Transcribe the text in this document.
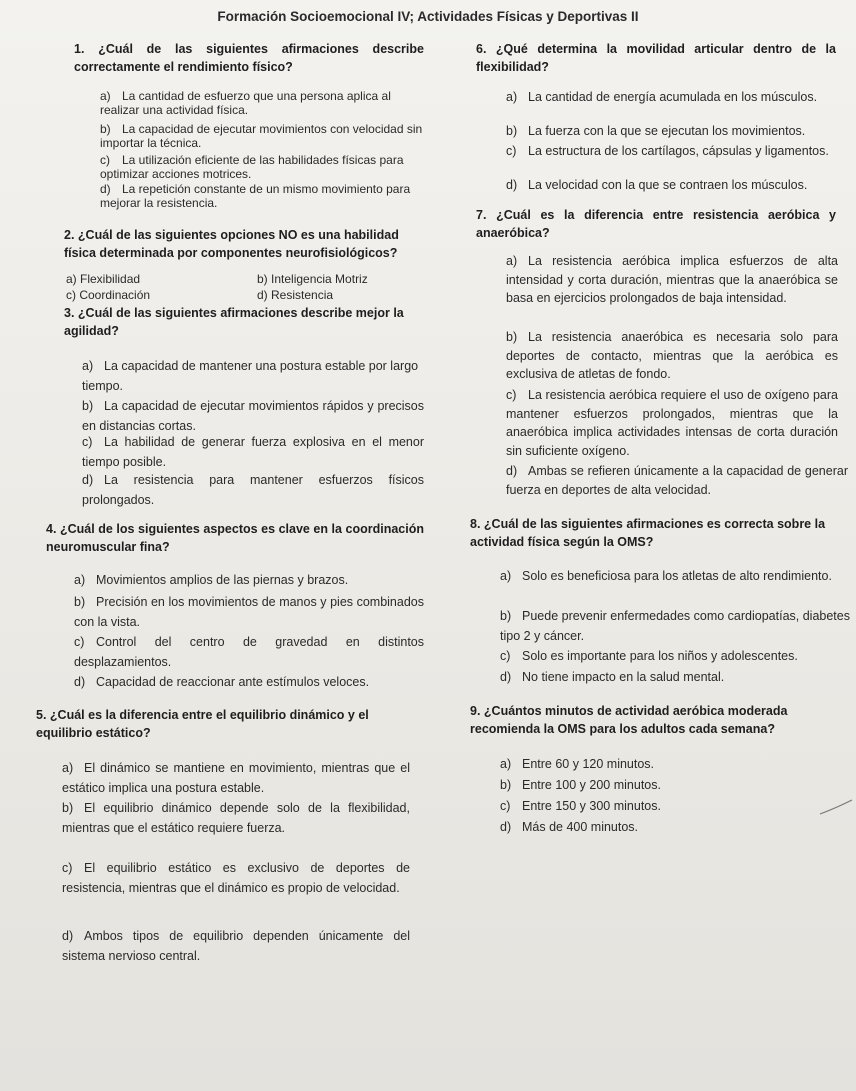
Formación Socioemocional IV; Actividades Físicas y Deportivas II
1. ¿Cuál de las siguientes afirmaciones describe correctamente el rendimiento físico?
a) La cantidad de esfuerzo que una persona aplica al realizar una actividad física.
b) La capacidad de ejecutar movimientos con velocidad sin importar la técnica.
c) La utilización eficiente de las habilidades físicas para optimizar acciones motrices.
d) La repetición constante de un mismo movimiento para mejorar la resistencia.
2. ¿Cuál de las siguientes opciones NO es una habilidad física determinada por componentes neurofisiológicos?
a) Flexibilidad	b) Inteligencia Motriz
c) Coordinación	d) Resistencia
3. ¿Cuál de las siguientes afirmaciones describe mejor la agilidad?
a) La capacidad de mantener una postura estable por largo tiempo.
b) La capacidad de ejecutar movimientos rápidos y precisos en distancias cortas.
c) La habilidad de generar fuerza explosiva en el menor tiempo posible.
d) La resistencia para mantener esfuerzos físicos prolongados.
4. ¿Cuál de los siguientes aspectos es clave en la coordinación neuromuscular fina?
a) Movimientos amplios de las piernas y brazos.
b) Precisión en los movimientos de manos y pies combinados con la vista.
c) Control del centro de gravedad en distintos desplazamientos.
d) Capacidad de reaccionar ante estímulos veloces.
5. ¿Cuál es la diferencia entre el equilibrio dinámico y el equilibrio estático?
a) El dinámico se mantiene en movimiento, mientras que el estático implica una postura estable.
b) El equilibrio dinámico depende solo de la flexibilidad, mientras que el estático requiere fuerza.
c) El equilibrio estático es exclusivo de deportes de resistencia, mientras que el dinámico es propio de velocidad.
d) Ambos tipos de equilibrio dependen únicamente del sistema nervioso central.
6. ¿Qué determina la movilidad articular dentro de la flexibilidad?
a) La cantidad de energía acumulada en los músculos.
b) La fuerza con la que se ejecutan los movimientos.
c) La estructura de los cartílagos, cápsulas y ligamentos.
d) La velocidad con la que se contraen los músculos.
7. ¿Cuál es la diferencia entre resistencia aeróbica y anaeróbica?
a) La resistencia aeróbica implica esfuerzos de alta intensidad y corta duración, mientras que la anaeróbica se basa en ejercicios prolongados de baja intensidad.
b) La resistencia anaeróbica es necesaria solo para deportes de contacto, mientras que la aeróbica es exclusiva de atletas de fondo.
c) La resistencia aeróbica requiere el uso de oxígeno para mantener esfuerzos prolongados, mientras que la anaeróbica implica actividades intensas de corta duración sin suficiente oxígeno.
d) Ambas se refieren únicamente a la capacidad de generar fuerza en deportes de alta velocidad.
8. ¿Cuál de las siguientes afirmaciones es correcta sobre la actividad física según la OMS?
a) Solo es beneficiosa para los atletas de alto rendimiento.
b) Puede prevenir enfermedades como cardiopatías, diabetes tipo 2 y cáncer.
c) Solo es importante para los niños y adolescentes.
d) No tiene impacto en la salud mental.
9. ¿Cuántos minutos de actividad aeróbica moderada recomienda la OMS para los adultos cada semana?
a) Entre 60 y 120 minutos.
b) Entre 100 y 200 minutos.
c) Entre 150 y 300 minutos.
d) Más de 400 minutos.
